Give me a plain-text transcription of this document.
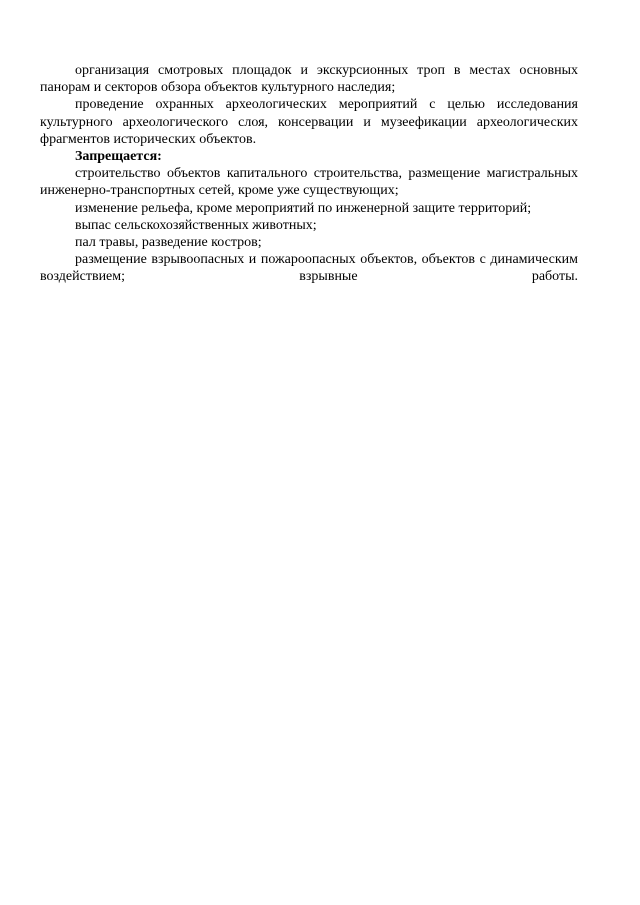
организация смотровых площадок и экскурсионных троп в местах основных панорам и секторов обзора объектов культурного наследия;

проведение охранных археологических мероприятий с целью исследования культурного археологического слоя, консервации и музеефикации археологических фрагментов исторических объектов.

Запрещается:

строительство объектов капитального строительства, размещение магистральных инженерно-транспортных сетей, кроме уже существующих;

изменение рельефа, кроме мероприятий по инженерной защите территорий;

выпас сельскохозяйственных животных;

пал травы, разведение костров;

размещение взрывоопасных и пожароопасных объектов, объектов с динамическим воздействием; взрывные работы.
